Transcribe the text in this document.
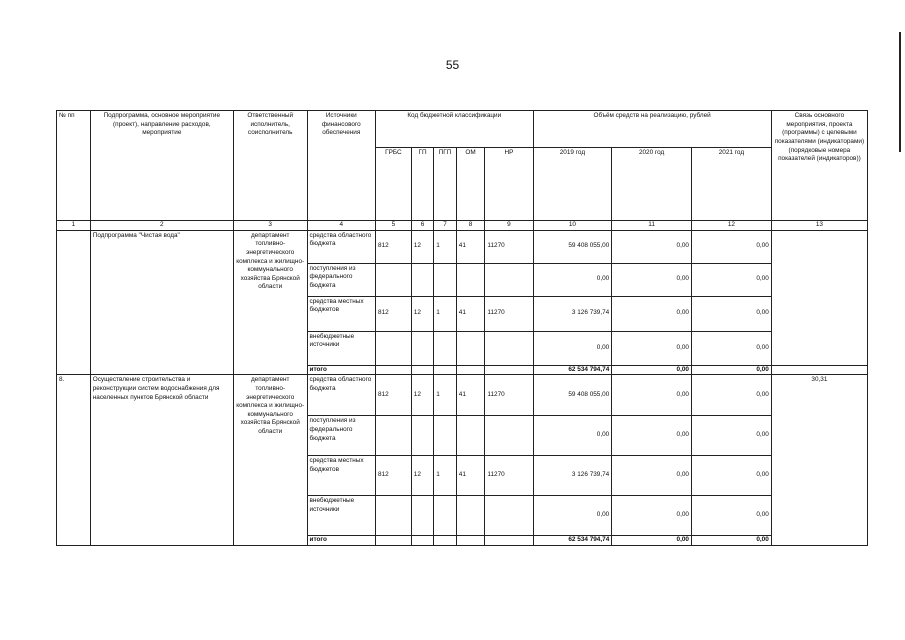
55
№ пп	Подпрограмма, основное мероприятие (проект), направление расходов, мероприятие	Ответственный исполнитель, соисполнитель	Источники финансового обеспечения	Код бюджетной классификации					Объём средств на реализацию, рублей			Связь основного мероприятия, проекта (программы) с целевыми показателями (индикаторами) (порядковые номера показателей (индикаторов))
				ГРБС	ГП	ПГП	ОМ	НР	2019 год	2020 год	2021 год	
1	2	3	4	5	6	7	8	9	10	11	12	13
	Подпрограмма "Чистая вода"	департамент топливно-энергетического комплекса и жилищно-коммунального хозяйства Брянской области	средства областного бюджета	812	12	1	41	11270	59 408 055,00	0,00	0,00	
			поступления из федерального бюджета						0,00	0,00	0,00	
			средства местных бюджетов	812	12	1	41	11270	3 126 739,74	0,00	0,00	
			внебюджетные источники						0,00	0,00	0,00	
			итого						62 534 794,74	0,00	0,00	
8.	Осуществление строительства и реконструкции систем водоснабжения для населенных пунктов Брянской области	департамент топливно-энергетического комплекса и жилищно-коммунального хозяйства Брянской области	средства областного бюджета	812	12	1	41	11270	59 408 055,00	0,00	0,00	30,31
			поступления из федерального бюджета						0,00	0,00	0,00	
			средства местных бюджетов	812	12	1	41	11270	3 126 739,74	0,00	0,00	
			внебюджетные источники						0,00	0,00	0,00	
			итого						62 534 794,74	0,00	0,00	
